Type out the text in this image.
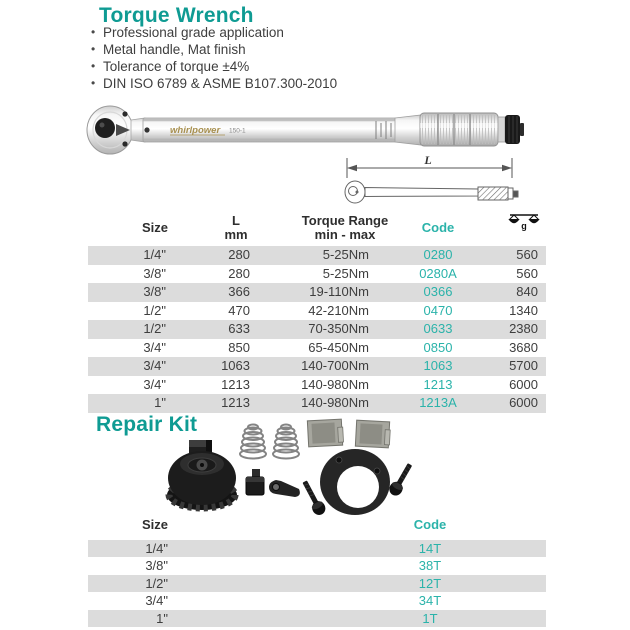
Torque Wrench
• Professional grade application
• Metal handle, Mat finish
• Tolerance of torque ±4%
• DIN ISO 6789 & ASME B107.300-2010
whirlpower 150-1
L
Size	L
mm
Torque Range
min - max	Code	g
1/4"	280	5-25Nm	0280	560
3/8"	280	5-25Nm	0280A	560
3/8"	366	19-110Nm	0366	840
1/2"	470	42-210Nm	0470	1340
1/2"	633	70-350Nm	0633	2380
3/4"	850	65-450Nm	0850	3680
3/4"	1063	140-700Nm	1063	5700
3/4"	1213	140-980Nm	1213	6000
1"	1213	140-980Nm	1213A	6000
Repair Kit
Size	Code
1/4"	14T
3/8"	38T
1/2"	12T
3/4"	34T
1"	1T
